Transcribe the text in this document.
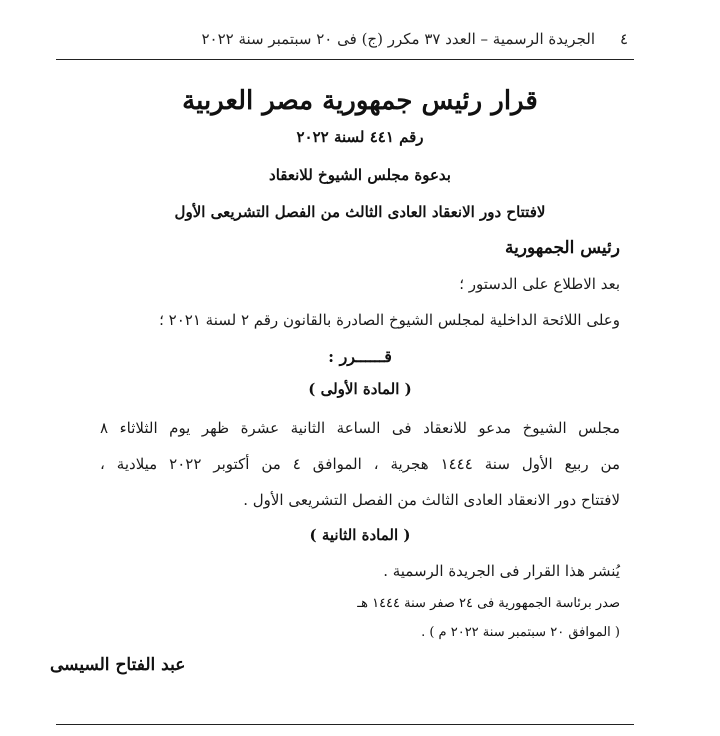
٤
الجريدة الرسمية – العدد ٣٧ مكرر (ج) فى ٢٠ سبتمبر سنة ٢٠٢٢
قرار رئيس جمهورية مصر العربية
رقم ٤٤١ لسنة ٢٠٢٢
بدعوة مجلس الشيوخ للانعقاد
لافتتاح دور الانعقاد العادى الثالث من الفصل التشريعى الأول
رئيس الجمهورية
بعد الاطلاع على الدستور ؛
وعلى اللائحة الداخلية لمجلس الشيوخ الصادرة بالقانون رقم ٢ لسنة ٢٠٢١ ؛
قــــــرر :
( المادة الأولى )
مجلس الشيوخ مدعو للانعقاد فى الساعة الثانية عشرة ظهر يوم الثلاثاء ٨
من ربيع الأول سنة ١٤٤٤ هجرية ، الموافق ٤ من أكتوبر ٢٠٢٢ ميلادية ،
لافتتاح دور الانعقاد العادى الثالث من الفصل التشريعى الأول .
( المادة الثانية )
يُنشر هذا القرار فى الجريدة الرسمية .
صدر برئاسة الجمهورية فى ٢٤ صفر سنة ١٤٤٤ هـ
( الموافق ٢٠ سبتمبر سنة ٢٠٢٢ م ) .
عبد الفتاح السيسى
